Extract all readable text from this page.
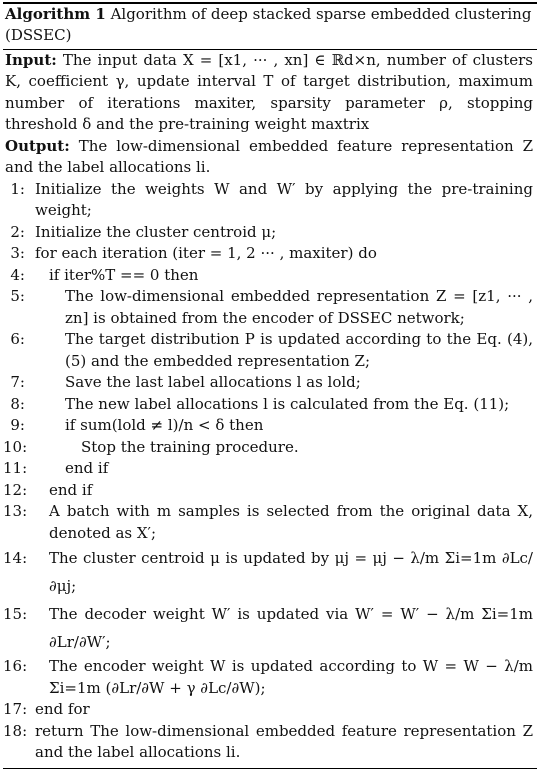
Algorithm 1 Algorithm of deep stacked sparse embedded clustering (DSSEC)
Input: The input data X = [x1, ··· , xn] ∈ ℝd×n, number of clusters K, coefficient γ, update interval T of target distribution, maximum number of iterations maxiter, sparsity parameter ρ, stopping threshold δ and the pre-training weight maxtrix
Output: The low-dimensional embedded feature representation Z and the label allocations li.
1: Initialize the weights W and W′ by applying the pre-training weight;
2: Initialize the cluster centroid μ;
3: for each iteration (iter = 1, 2 ··· , maxiter) do
4: if iter%T == 0 then
5:	The low-dimensional embedded representation Z = [z1, ··· , zn] is obtained from the encoder of DSSEC network;
6:	The target distribution P is updated according to the Eq. (4), (5) and the embedded representation Z;
7:	Save the last label allocations l as lold;
8:	The new label allocations l is calculated from the Eq. (11);
9:	if sum(lold ≠ l)/n < δ then
10:	Stop the training procedure.
11:	end if
12: end if
13: A batch with m samples is selected from the original data X, denoted as X′;
14: The cluster centroid μ is updated by μj = μj − λ/m Σi=1m ∂Lc/∂μj;
15: The decoder weight W′ is updated via W′ = W′ − λ/m Σi=1m ∂Lr/∂W′;
16: The encoder weight W is updated according to W = W − λ/m Σi=1m (∂Lr/∂W + γ ∂Lc/∂W);
17: end for
18: return The low-dimensional embedded feature representation Z and the label allocations li.
